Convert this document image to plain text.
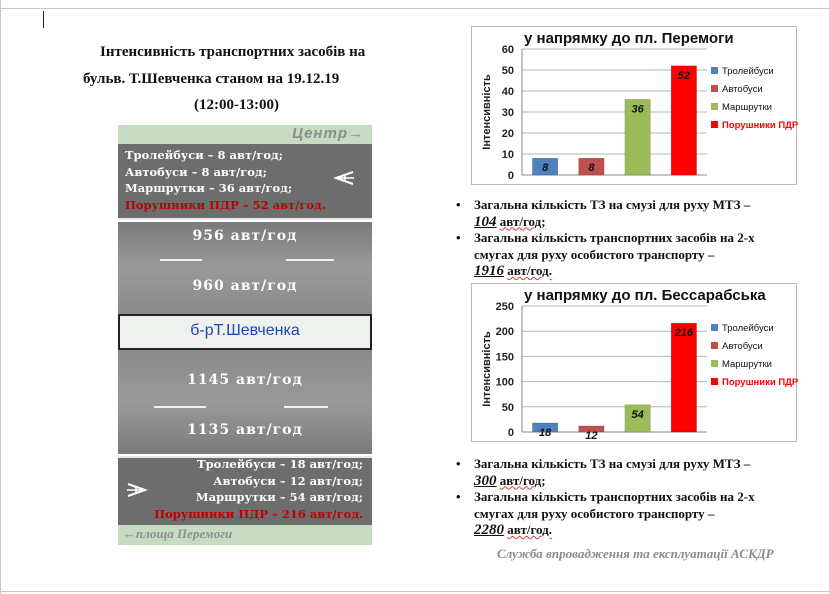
Інтенсивність транспортних засобів на
бульв. Т.Шевченка станом на 19.12.19
(12:00-13:00)
Центр→
б-рТ.Шевченка
←площа Перемоги
Тролейбуси – 8 авт/год;
Автобуси – 8 авт/год;
Маршрутки – 36 авт/год;
Порушники ПДР – 52 авт/год.
956 авт/год
960 авт/год
1145 авт/год
1135 авт/год
Тролейбуси – 18 авт/год;
Автобуси – 12 авт/год;
Маршрутки – 54 авт/год;
Порушники ПДР – 216 авт/год.
у напрямку до пл. Перемоги
0
10
20
30
40
50
60
Інтенсивність
8	8
36
52	Тролейбуси
Автобуси
Маршрутки
Порушники ПДР
• Загальна кількість ТЗ на смузі для руху МТЗ –
104 авт/год;
• Загальна кількість транспортних засобів на 2-х
смугах для руху особистого транспорту –
1916 авт/год.
у напрямку до пл. Бессарабська
0
50
100
150
200
250
Інтенсивність
18	12
54
216	Тролейбуси
Автобуси
Маршрутки
Порушники ПДР
• Загальна кількість ТЗ на смузі для руху МТЗ –
300 авт/год;
• Загальна кількість транспортних засобів на 2-х
смугах для руху особистого транспорту –
2280 авт/год.
Служба впровадження та експлуатації АСКДР
